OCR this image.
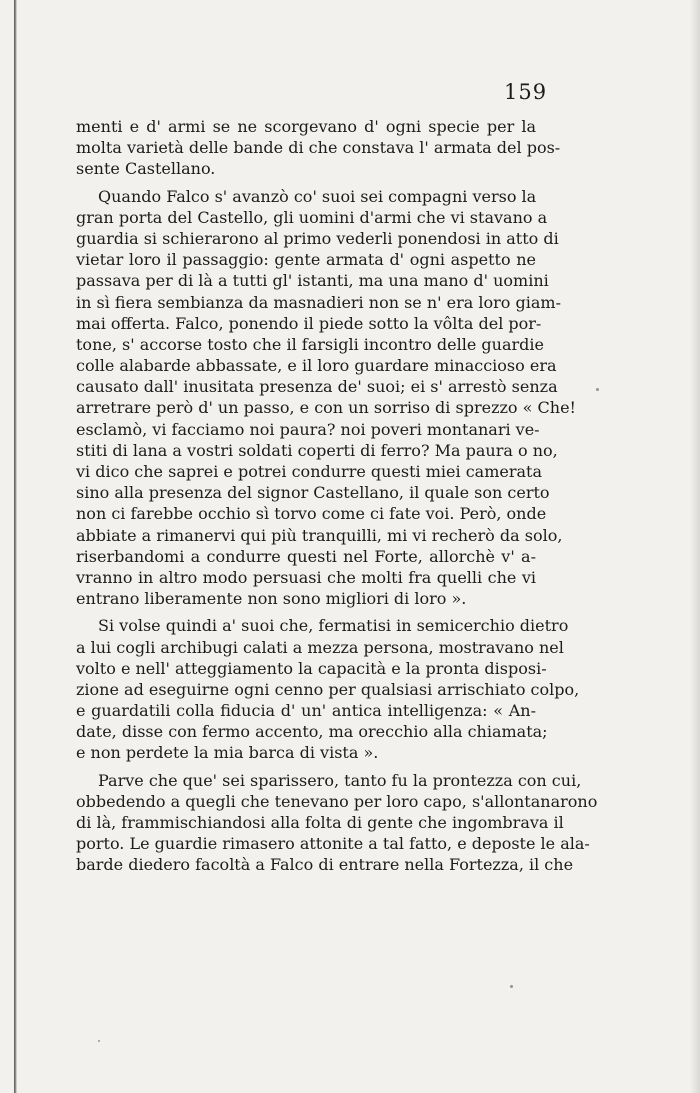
159
menti e d' armi se ne scorgevano d' ogni specie per la
molta varietà delle bande di che constava l' armata del pos-
sente Castellano.
Quando Falco s' avanzò co' suoi sei compagni verso la
gran porta del Castello, gli uomini d'armi che vi stavano a
guardia si schierarono al primo vederli ponendosi in atto di
vietar loro il passaggio: gente armata d' ogni aspetto ne
passava per di là a tutti gl' istanti, ma una mano d' uomini
in sì fiera sembianza da masnadieri non se n' era loro giam-
mai offerta. Falco, ponendo il piede sotto la vôlta del por-
tone, s' accorse tosto che il farsigli incontro delle guardie
colle alabarde abbassate, e il loro guardare minaccioso era
causato dall' inusitata presenza de' suoi; ei s' arrestò senza
arretrare però d' un passo, e con un sorriso di sprezzo « Che!
esclamò, vi facciamo noi paura? noi poveri montanari ve-
stiti di lana a vostri soldati coperti di ferro? Ma paura o no,
vi dico che saprei e potrei condurre questi miei camerata
sino alla presenza del signor Castellano, il quale son certo
non ci farebbe occhio sì torvo come ci fate voi. Però, onde
abbiate a rimanervi qui più tranquilli, mi vi recherò da solo,
riserbandomi a condurre questi nel Forte, allorchè v' a-
vranno in altro modo persuasi che molti fra quelli che vi
entrano liberamente non sono migliori di loro ».
Si volse quindi a' suoi che, fermatisi in semicerchio dietro
a lui cogli archibugi calati a mezza persona, mostravano nel
volto e nell' atteggiamento la capacità e la pronta disposi-
zione ad eseguirne ogni cenno per qualsiasi arrischiato colpo,
e guardatili colla fiducia d' un' antica intelligenza: « An-
date, disse con fermo accento, ma orecchio alla chiamata;
e non perdete la mia barca di vista ».
Parve che que' sei sparissero, tanto fu la prontezza con cui,
obbedendo a quegli che tenevano per loro capo, s'allontanarono
di là, frammischiandosi alla folta di gente che ingombrava il
porto. Le guardie rimasero attonite a tal fatto, e deposte le ala-
barde diedero facoltà a Falco di entrare nella Fortezza, il che
